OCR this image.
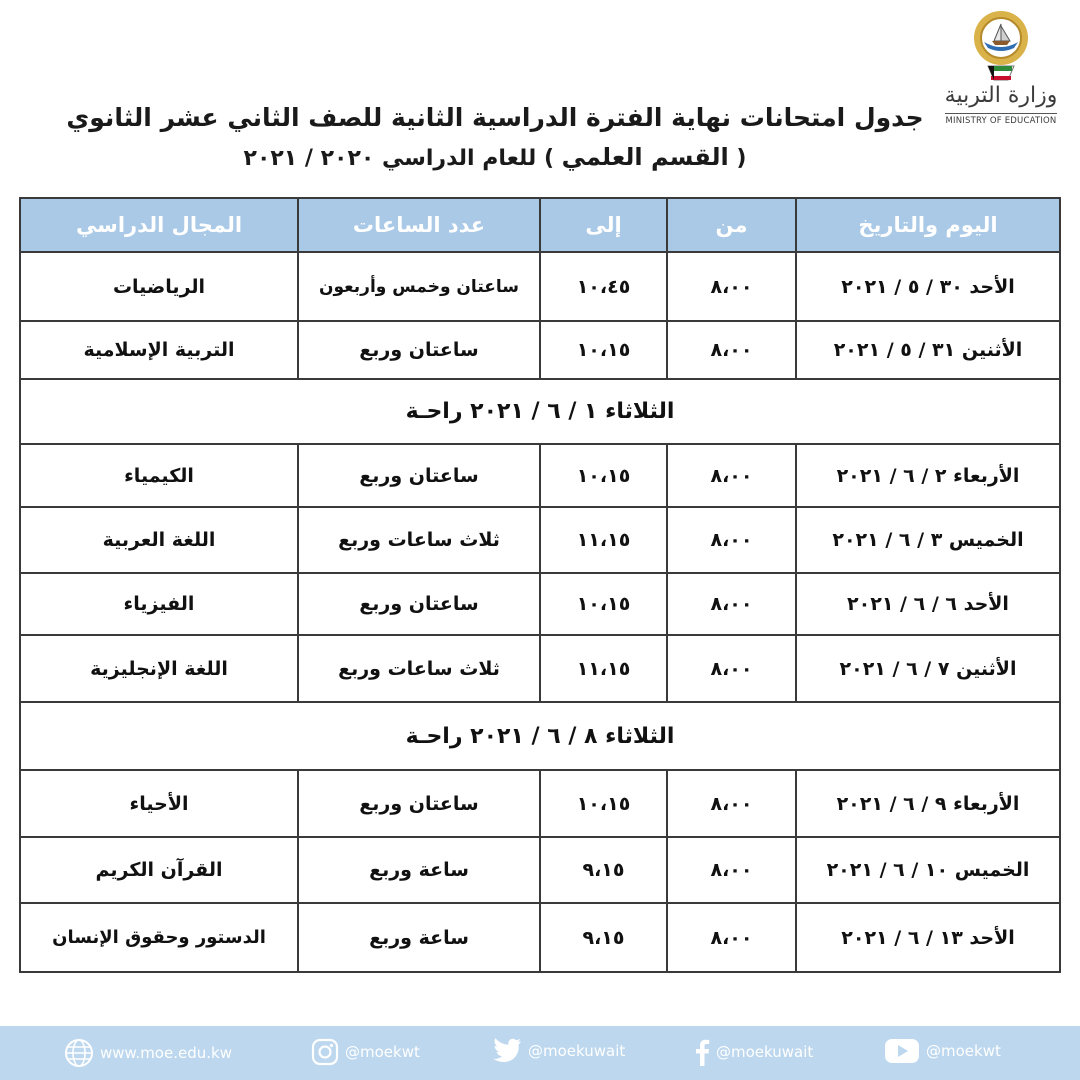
وزارة التربية
MINISTRY OF EDUCATION
جدول امتحانات نهاية الفترة الدراسية الثانية للصف الثاني عشر الثانوي
( القسم العلمي ) للعام الدراسي ٢٠٢٠ / ٢٠٢١
اليوم والتاريخ	من	إلى	عدد الساعات	المجال الدراسي
الأحد ٣٠ / ٥ / ٢٠٢١	٨،٠٠	١٠،٤٥	ساعتان وخمس وأربعون	الرياضيات
الأثنين ٣١ / ٥ / ٢٠٢١	٨،٠٠	١٠،١٥	ساعتان وربع	التربية الإسلامية
الثلاثاء ١ / ٦ / ٢٠٢١ راحـة				
الأربعاء ٢ / ٦ / ٢٠٢١	٨،٠٠	١٠،١٥	ساعتان وربع	الكيمياء
الخميس ٣ / ٦ / ٢٠٢١	٨،٠٠	١١،١٥	ثلاث ساعات وربع	اللغة العربية
الأحد ٦ / ٦ / ٢٠٢١	٨،٠٠	١٠،١٥	ساعتان وربع	الفيزياء
الأثنين ٧ / ٦ / ٢٠٢١	٨،٠٠	١١،١٥	ثلاث ساعات وربع	اللغة الإنجليزية
الثلاثاء ٨ / ٦ / ٢٠٢١ راحـة				
الأربعاء ٩ / ٦ / ٢٠٢١	٨،٠٠	١٠،١٥	ساعتان وربع	الأحياء
الخميس ١٠ / ٦ / ٢٠٢١	٨،٠٠	٩،١٥	ساعة وربع	القرآن الكريم
الأحد ١٣ / ٦ / ٢٠٢١	٨،٠٠	٩،١٥	ساعة وربع	الدستور وحقوق الإنسان
www.moe.edu.kw	@moekwt	@moekuwait	@moekuwait	@moekwt
